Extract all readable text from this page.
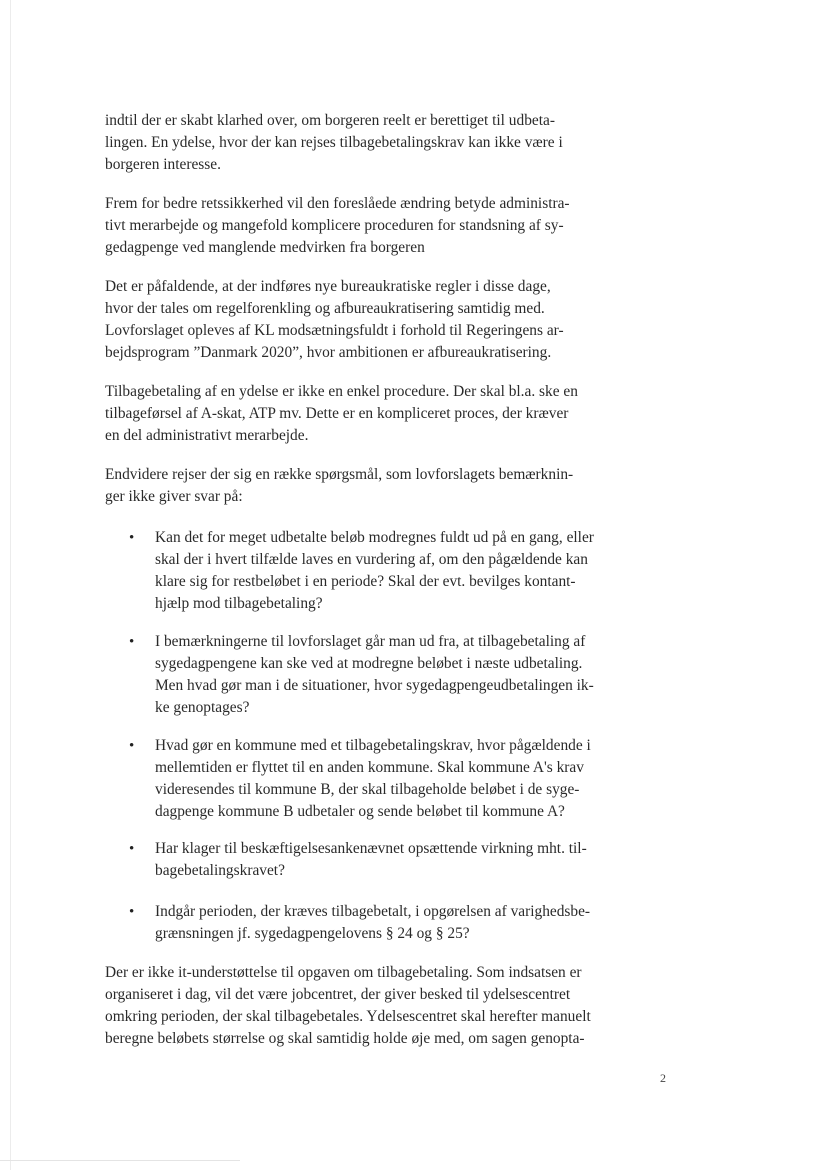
indtil der er skabt klarhed over, om borgeren reelt er berettiget til udbeta-
lingen. En ydelse, hvor der kan rejses tilbagebetalingskrav kan ikke være i
borgeren interesse.

Frem for bedre retssikkerhed vil den foreslåede ændring betyde administra-
tivt merarbejde og mangefold komplicere proceduren for standsning af sy-
gedagpenge ved manglende medvirken fra borgeren

Det er påfaldende, at der indføres nye bureaukratiske regler i disse dage,
hvor der tales om regelforenkling og afbureaukratisering samtidig med.
Lovforslaget opleves af KL modsætningsfuldt i forhold til Regeringens ar-
bejdsprogram ”Danmark 2020”, hvor ambitionen er afbureaukratisering.

Tilbagebetaling af en ydelse er ikke en enkel procedure. Der skal bl.a. ske en
tilbageførsel af A-skat, ATP mv. Dette er en kompliceret proces, der kræver
en del administrativt merarbejde.

Endvidere rejser der sig en række spørgsmål, som lovforslagets bemærknin-
ger ikke giver svar på:

•	Kan det for meget udbetalte beløb modregnes fuldt ud på en gang, eller
skal der i hvert tilfælde laves en vurdering af, om den pågældende kan
klare sig for restbeløbet i en periode? Skal der evt. bevilges kontant-
hjælp mod tilbagebetaling?

•	I bemærkningerne til lovforslaget går man ud fra, at tilbagebetaling af
sygedagpengene kan ske ved at modregne beløbet i næste udbetaling.
Men hvad gør man i de situationer, hvor sygedagpengeudbetalingen ik-
ke genoptages?

•	Hvad gør en kommune med et tilbagebetalingskrav, hvor pågældende i
mellemtiden er flyttet til en anden kommune. Skal kommune A's krav
videresendes til kommune B, der skal tilbageholde beløbet i de syge-
dagpenge kommune B udbetaler og sende beløbet til kommune A?

•	Har klager til beskæftigelsesankenævnet opsættende virkning mht. til-
bagebetalingskravet?

•	Indgår perioden, der kræves tilbagebetalt, i opgørelsen af varighedsbe-
grænsningen jf. sygedagpengelovens § 24 og § 25?

Der er ikke it-understøttelse til opgaven om tilbagebetaling. Som indsatsen er
organiseret i dag, vil det være jobcentret, der giver besked til ydelsescentret
omkring perioden, der skal tilbagebetales. Ydelsescentret skal herefter manuelt
beregne beløbets størrelse og skal samtidig holde øje med, om sagen genopta-

2
